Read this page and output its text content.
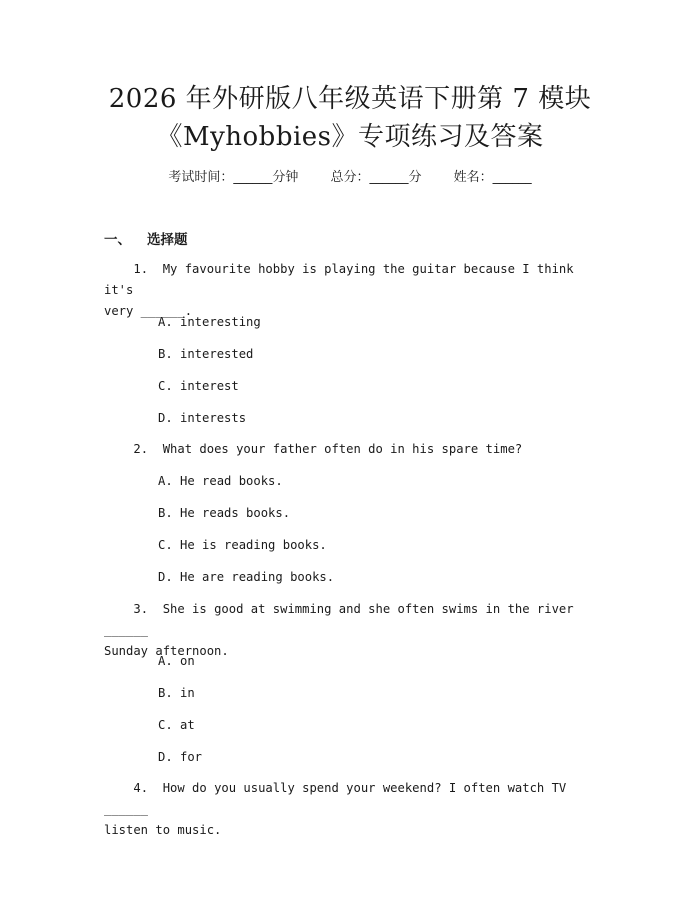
2026 年外研版八年级英语下册第 7 模块
《Myhobbies》专项练习及答案
考试时间：______分钟 总分：______分 姓名：______
一、 选择题
1.  My favourite hobby is playing the guitar because I think it's
very ______.
A. interesting
B. interested
C. interest
D. interests
2.  What does your father often do in his spare time?
A. He read books.
B. He reads books.
C. He is reading books.
D. He are reading books.
3.  She is good at swimming and she often swims in the river ______
Sunday afternoon.
A. on
B. in
C. at
D. for
4.  How do you usually spend your weekend? I often watch TV ______
listen to music.
